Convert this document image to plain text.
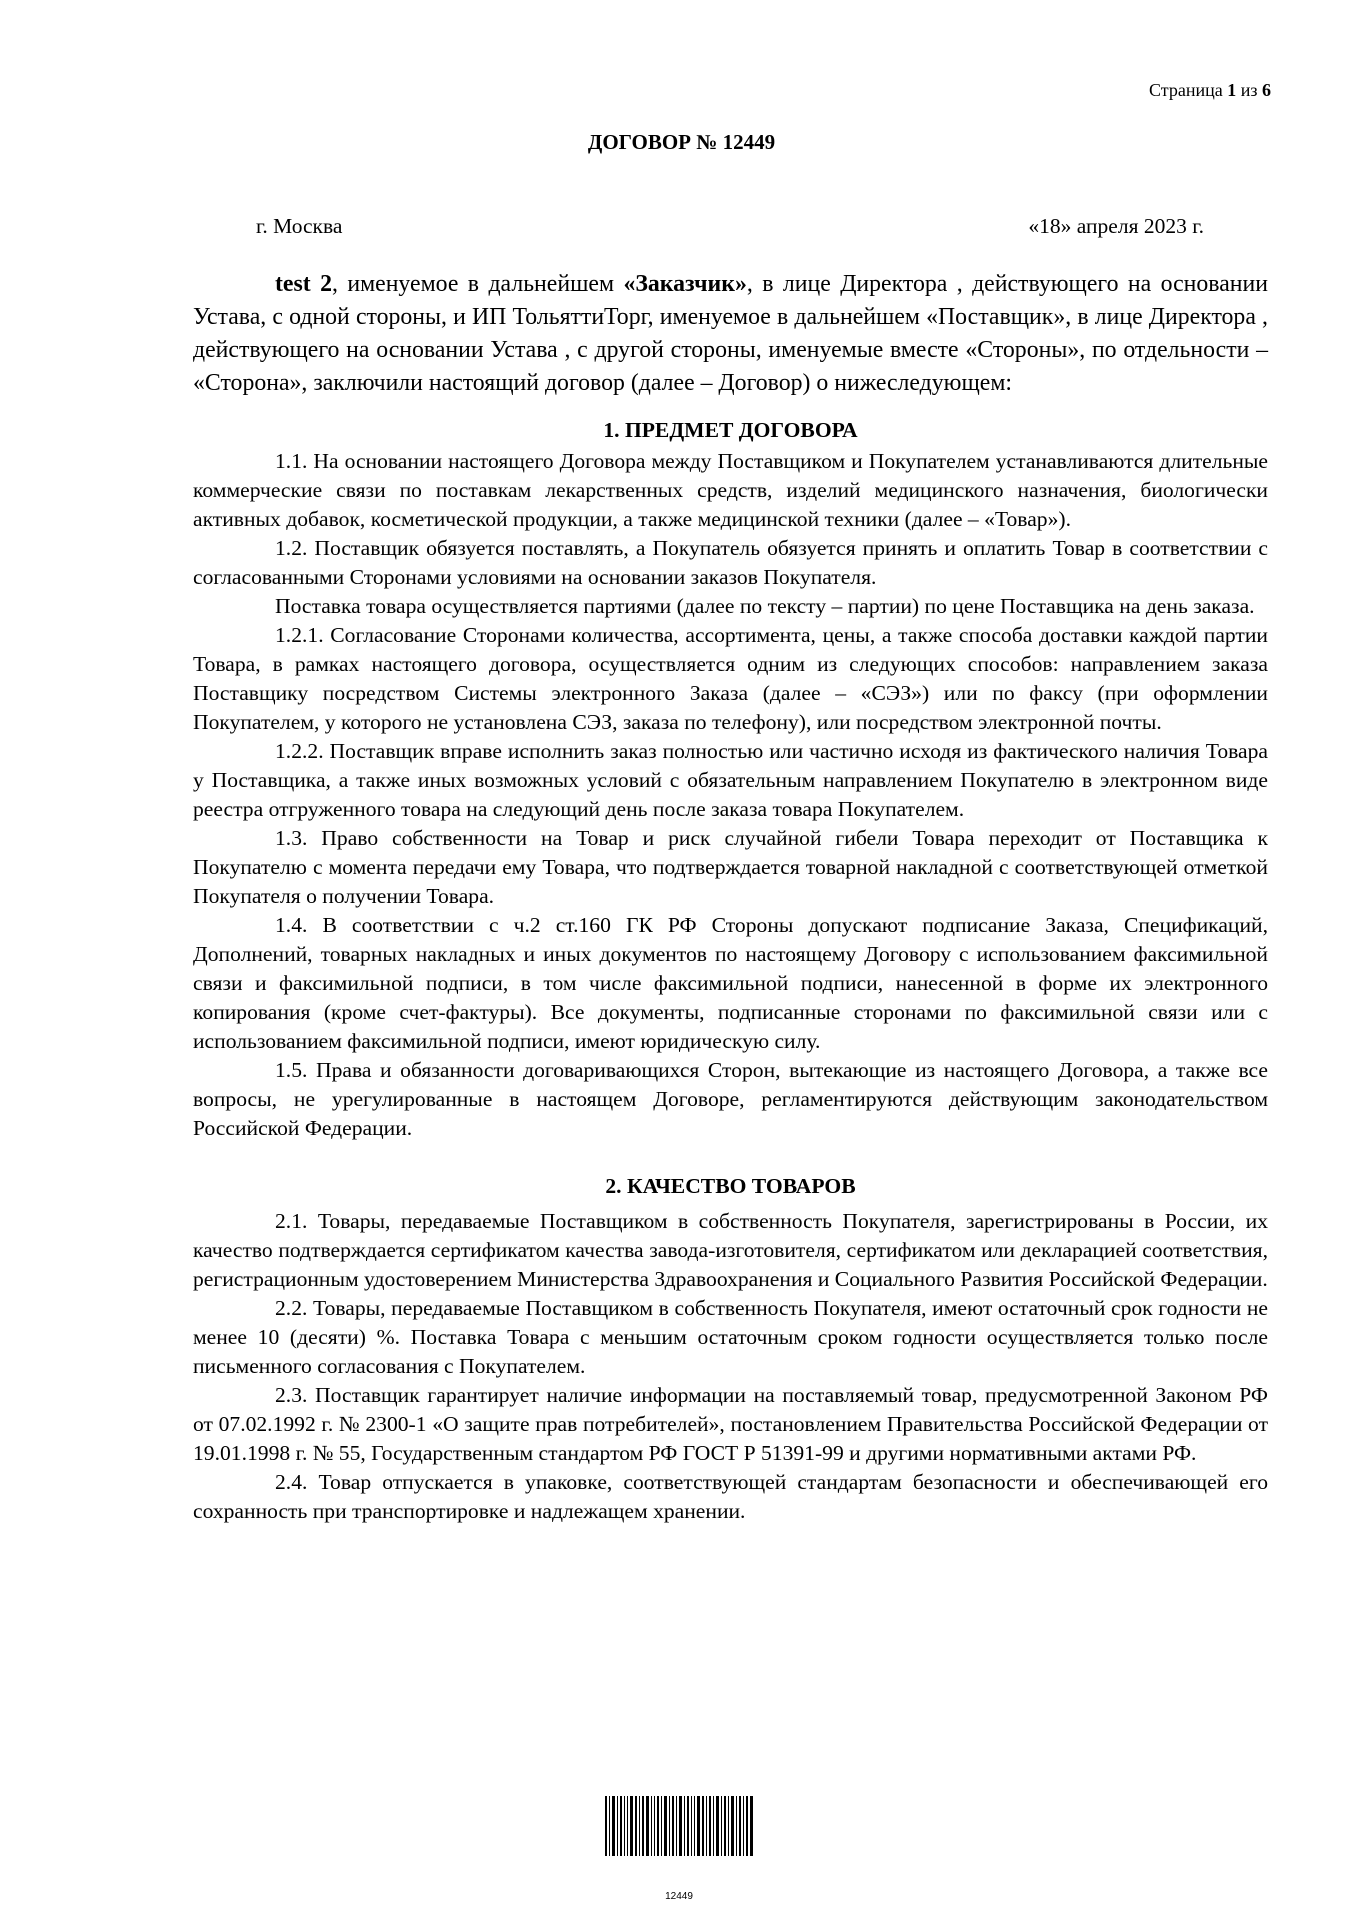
Страница 1 из 6
ДОГОВОР № 12449
г. Москва	«18» апреля 2023 г.

test 2, именуемое в дальнейшем «Заказчик», в лице Директора , действующего на основании Устава, с одной стороны, и ИП ТольяттиТорг, именуемое в дальнейшем «Поставщик», в лице Директора , действующего на основании Устава , с другой стороны, именуемые вместе «Стороны», по отдельности – «Сторона», заключили настоящий договор (далее – Договор) о нижеследующем:

1. ПРЕДМЕТ ДОГОВОРА

1.1. На основании настоящего Договора между Поставщиком и Покупателем устанавливаются длительные коммерческие связи по поставкам лекарственных средств, изделий медицинского назначения, биологически активных добавок, косметической продукции, а также медицинской техники (далее – «Товар»).

1.2. Поставщик обязуется поставлять, а Покупатель обязуется принять и оплатить Товар в соответствии с согласованными Сторонами условиями на основании заказов Покупателя.

Поставка товара осуществляется партиями (далее по тексту – партии) по цене Поставщика на день заказа.

1.2.1. Согласование Сторонами количества, ассортимента, цены, а также способа доставки каждой партии Товара, в рамках настоящего договора, осуществляется одним из следующих способов: направлением заказа Поставщику посредством Системы электронного Заказа (далее – «СЭЗ») или по факсу (при оформлении Покупателем, у которого не установлена СЭЗ, заказа по телефону), или посредством электронной почты.

1.2.2. Поставщик вправе исполнить заказ полностью или частично исходя из фактического наличия Товара у Поставщика, а также иных возможных условий с обязательным направлением Покупателю в электронном виде реестра отгруженного товара на следующий день после заказа товара Покупателем.

1.3. Право собственности на Товар и риск случайной гибели Товара переходит от Поставщика к Покупателю с момента передачи ему Товара, что подтверждается товарной накладной с соответствующей отметкой Покупателя о получении Товара.

1.4. В соответствии с ч.2 ст.160 ГК РФ Стороны допускают подписание Заказа, Спецификаций, Дополнений, товарных накладных и иных документов по настоящему Договору с использованием факсимильной связи и факсимильной подписи, в том числе факсимильной подписи, нанесенной в форме их электронного копирования (кроме счет-фактуры). Все документы, подписанные сторонами по факсимильной связи или с использованием факсимильной подписи, имеют юридическую силу.

1.5. Права и обязанности договаривающихся Сторон, вытекающие из настоящего Договора, а также все вопросы, не урегулированные в настоящем Договоре, регламентируются действующим законодательством Российской Федерации.

2. КАЧЕСТВО ТОВАРОВ

2.1. Товары, передаваемые Поставщиком в собственность Покупателя, зарегистрированы в России, их качество подтверждается сертификатом качества завода-изготовителя, сертификатом или декларацией соответствия, регистрационным удостоверением Министерства Здравоохранения и Социального Развития Российской Федерации.

2.2. Товары, передаваемые Поставщиком в собственность Покупателя, имеют остаточный срок годности не менее 10 (десяти) %. Поставка Товара с меньшим остаточным сроком годности осуществляется только после письменного согласования с Покупателем.

2.3. Поставщик гарантирует наличие информации на поставляемый товар, предусмотренной Законом РФ от 07.02.1992 г. № 2300-1 «О защите прав потребителей», постановлением Правительства Российской Федерации от 19.01.1998 г. № 55, Государственным стандартом РФ ГОСТ Р 51391-99 и другими нормативными актами РФ.

2.4. Товар отпускается в упаковке, соответствующей стандартам безопасности и обеспечивающей его сохранность при транспортировке и надлежащем хранении.

12449
